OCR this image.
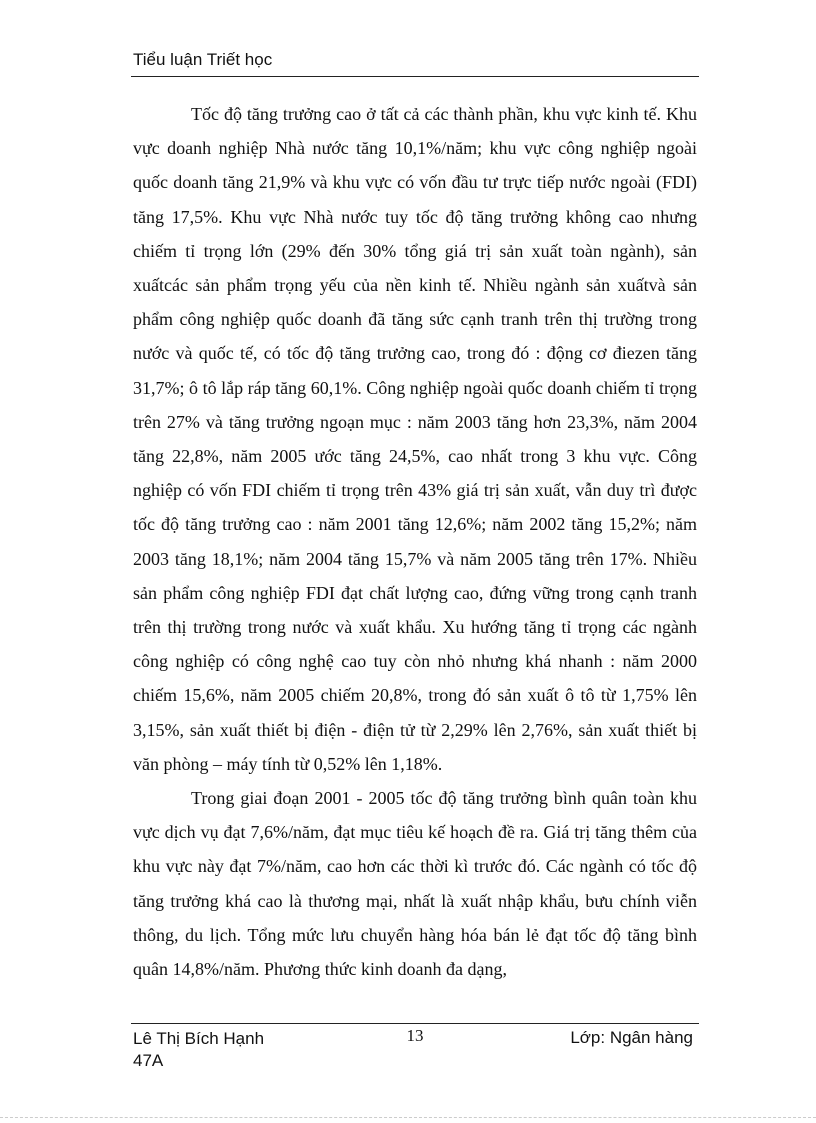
Tiểu luận Triết học

Tốc độ tăng trưởng cao ở tất cả các thành phần, khu vực kinh tế. Khu vực doanh nghiệp Nhà nước tăng 10,1%/năm; khu vực công nghiệp ngoài quốc doanh tăng 21,9% và khu vực có vốn đầu tư trực tiếp nước ngoài (FDI) tăng 17,5%. Khu vực Nhà nước tuy tốc độ tăng trưởng không cao nhưng chiếm tỉ trọng lớn (29% đến 30% tổng giá trị sản xuất toàn ngành), sản xuấtcác sản phẩm trọng yếu của nền kinh tế. Nhiều ngành sản xuấtvà sản phẩm công nghiệp quốc doanh đã tăng sức cạnh tranh trên thị trường trong nước và quốc tế, có tốc độ tăng trưởng cao, trong đó : động cơ điezen tăng 31,7%; ô tô lắp ráp tăng 60,1%. Công nghiệp ngoài quốc doanh chiếm tỉ trọng trên 27% và tăng trưởng ngoạn mục : năm 2003 tăng hơn 23,3%, năm 2004 tăng 22,8%, năm 2005 ước tăng 24,5%, cao nhất trong 3 khu vực. Công nghiệp có vốn FDI chiếm tỉ trọng trên 43% giá trị sản xuất, vẫn duy trì được tốc độ tăng trưởng cao : năm 2001 tăng 12,6%; năm 2002 tăng 15,2%; năm 2003 tăng 18,1%; năm 2004 tăng 15,7% và năm 2005 tăng trên 17%. Nhiều sản phẩm công nghiệp FDI đạt chất lượng cao, đứng vững trong cạnh tranh trên thị trường trong nước và xuất khẩu. Xu hướng tăng tỉ trọng các ngành công nghiệp có công nghệ cao tuy còn nhỏ nhưng khá nhanh : năm 2000 chiếm 15,6%, năm 2005 chiếm 20,8%, trong đó sản xuất ô tô từ 1,75% lên 3,15%, sản xuất thiết bị điện - điện tử từ 2,29% lên 2,76%, sản xuất thiết bị văn phòng – máy tính từ 0,52% lên 1,18%.

Trong giai đoạn 2001 - 2005 tốc độ tăng trưởng bình quân toàn khu vực dịch vụ đạt 7,6%/năm, đạt mục tiêu kế hoạch đề ra. Giá trị tăng thêm của khu vực này đạt 7%/năm, cao hơn các thời kì trước đó. Các ngành có tốc độ tăng trưởng khá cao là thương mại, nhất là xuất nhập khẩu, bưu chính viễn thông, du lịch. Tổng mức lưu chuyển hàng hóa bán lẻ đạt tốc độ tăng bình quân 14,8%/năm. Phương thức kinh doanh đa dạng,

Lê Thị Bích Hạnh
47A
13	Lớp: Ngân hàng
